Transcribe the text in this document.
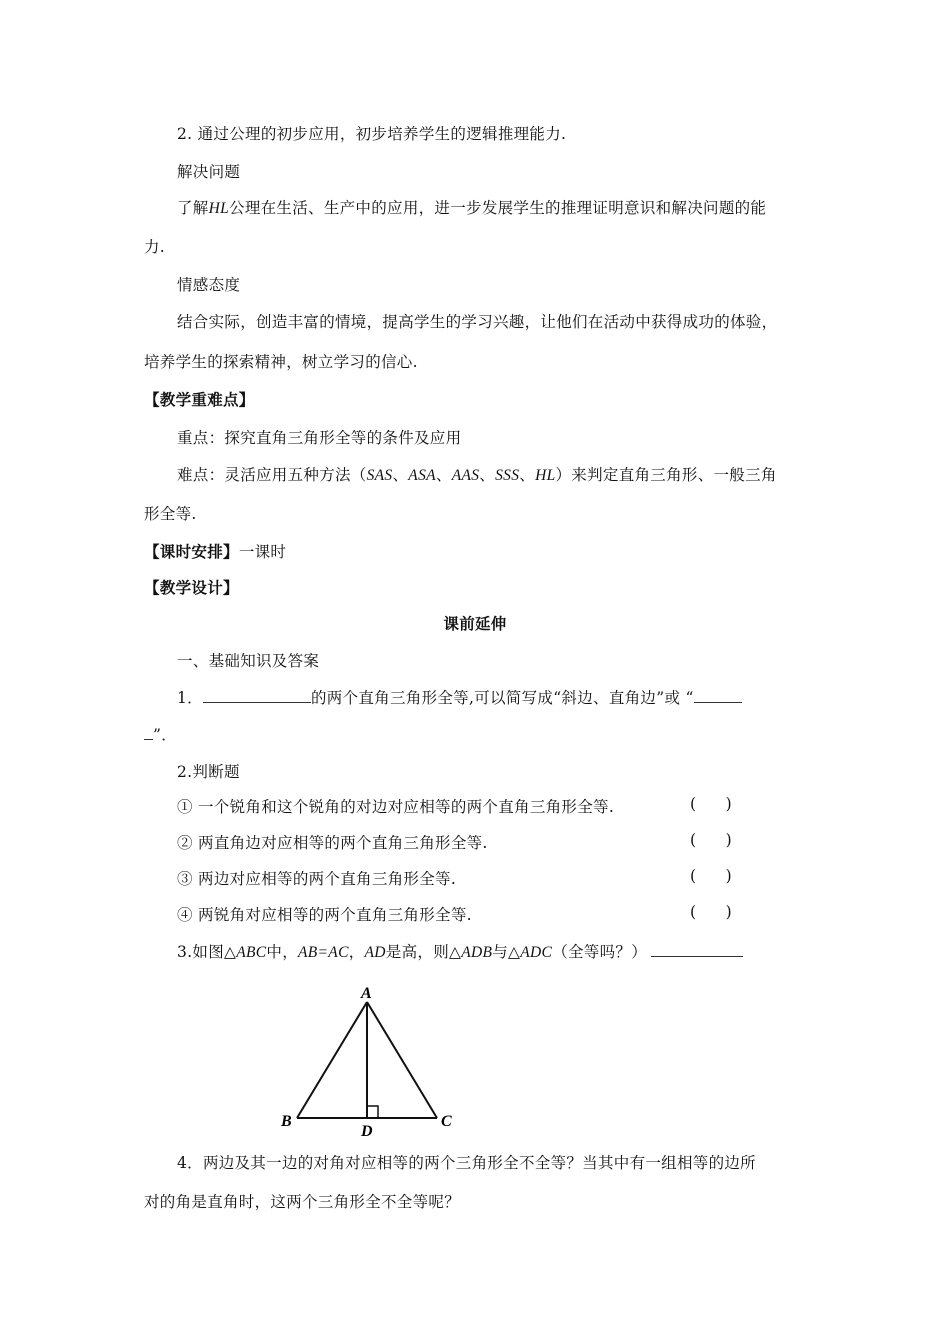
2. 通过公理的初步应用，初步培养学生的逻辑推理能力.
解决问题
了解HL公理在生活、生产中的应用，进一步发展学生的推理证明意识和解决问题的能
力.
情感态度
结合实际，创造丰富的情境，提高学生的学习兴趣，让他们在活动中获得成功的体验，
培养学生的探索精神，树立学习的信心.
【教学重难点】
重点：探究直角三角形全等的条件及应用
难点：灵活应用五种方法（SAS、ASA、AAS、SSS、HL）来判定直角三角形、一般三角
形全等.
【课时安排】一课时
【教学设计】
课前延伸
一、基础知识及答案
1．	的两个直角三角形全等,可以简写成“斜边、直角边”或 “
”．
2.判断题
① 一个锐角和这个锐角的对边对应相等的两个直角三角形全等.	(      )
② 两直角边对应相等的两个直角三角形全等.	(      )
③ 两边对应相等的两个直角三角形全等.	(      )
④ 两锐角对应相等的两个直角三角形全等.	(      )
3.如图△ABC中，AB=AC，AD是高，则△ADB与△ADC（全等吗？）
A
B	C
D
4．两边及其一边的对角对应相等的两个三角形全不全等？当其中有一组相等的边所
对的角是直角时，这两个三角形全不全等呢？
